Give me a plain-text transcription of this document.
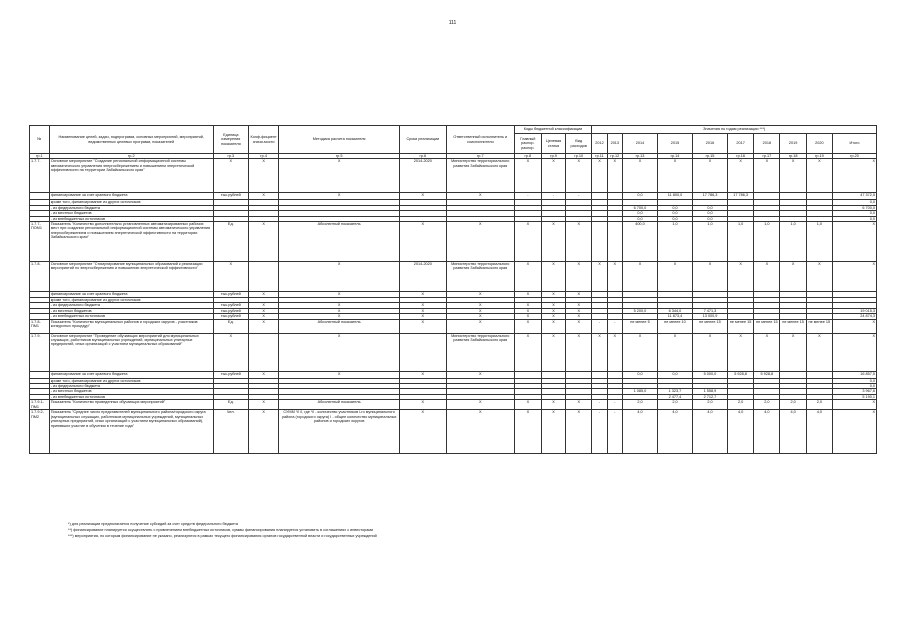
111
№	Наименование целей, задач, подпрограмм, основных мероприятий, мероприятий, ведомственных целевых программ, показателей	Единица измерения показателя	Коэф-фициент значи-мости	Методика расчета показателя	Сроки реализации	Ответственный исполнитель и соисполнители	Коды бюджетной классификации			Значения по годам реализации ***)									
							Главный распор. распор.	Целевая статья	Вид расходов	2012	2013	2014	2015	2016	2017	2018	2019	2020	Итого
гр.1	гр.2	гр.3	гр.4	гр.5	гр.6	гр.7	гр.8	гр.9	гр.10	гр.11	гр.12	гр.13	гр.14	гр.15	гр.16	гр.17	гр.18	гр.19	гр.20
1.7.7.	Основное мероприятие "Создание региональной информационной системы автоматического управления энергосбережением и повышением энергетической эффективности на территории Забайкальского края"	X	X	X	2014-2020	Министерство территориального развития Забайкальского края	X	X	X	X	X	X	X	X	X	X	X	X	X
	финансирование за счет краевого бюджета	тыс.рублей	X	X	X	X	-	-	-			0,0	11 800,0	17 786,3	17 786,3				47 372,5
	кроме того, финансирование из других источников:																		0,0
	- из федерального бюджета											6 700,0	0,0	0,0					6 700,0
	- из местных бюджетов											0,0	0,0	0,0					0,0
	- из внебюджетных источников											0,0	0,0	0,0					0,0
1.7.7-ПОМ1	Показатель "Количество дополнительно установленных автоматизированных рабочих мест при создании региональной информационной системы автоматического управления энергосбережением и повышением энергетической эффективности на территории Забайкальского края"	Ед.	X	Абсолютный показатель	X	X	X	X	X			400,0	1,0	1,0	1,0	1,0	1,0	1,0	X
1.7.8.	Основное мероприятие "Стимулирование муниципальных образований к реализации мероприятий по энергосбережению и повышению энергетической эффективности"	X		X	2014-2020	Министерство территориального развития Забайкальского края	X	X	X	X	X	X	X	X	X	X	X	X	X
	финансирование за счет краевого бюджета	тыс.рублей	X	X	X	X	X	X	X										
	кроме того, финансирование из других источников:																		
	- из федерального бюджета	тыс.рублей	X	X	X	X	X	X	X										
	- из местных бюджетов	тыс.рублей	X	X	X	X	X	X	X			5 200,0	6 344,0	7 471,3					19 015,3
	- из внебюджетных источников	тыс.рублей	X	X	X	X	X	X	X				11 873,4	13 000,9					24 874,3
1.7.8-ПМ1	Показатель "Количество муниципальных районов и городских округов - участников конкурсных процедур"	Ед.	X	Абсолютный показатель	X	X	X	X	X	-	-	не менее 5	не менее 10	не менее 15	не менее 15	не менее 15	не менее 15	не менее 15	X
1.7.9.	Основное мероприятие "Проведение обучающих мероприятий для муниципальных служащих, работников муниципальных учреждений, муниципальных унитарных предприятий, иных организаций с участием муниципальных образований"	X		X		Министерство территориального развития Забайкальского края	X	X	X	X	X	X	X	X	X	X	X	X	X
	финансирование за счет краевого бюджета	тыс.рублей	X	X	X	X						0,0	0,0	5 000,0	5 928,8	5 928,8			16 857,5
	кроме того, финансирование из других источников:																		0,0
	- из федерального бюджета																		0,0
	- из местных бюджетов											1 085,0	1 323,7	1 558,9					3 967,6
	- из внебюджетных источников												2 477,4	2 712,7					5 190,1
1.7.9.1-ПМ1	Показатель "Количество проведенных обучающих мероприятий"	Ед.	X	Абсолютный показатель	X	X	X	X	X	-	-	2,0	2,0	2,0	2,0	2,0	2,0	2,0	X
1.7.9.2-ПМ2	Показатель "Среднее число представителей муниципального района/городского округа (муниципальных служащих, работников муниципальных учреждений, муниципальных унитарных предприятий, иных организаций с участием муниципальных образований), принявших участие в обучении в течение года"	Чел.	X	СУММ Yi /I, где Yi - количество участников i-го муниципального района (городского округа) I - общее количество муниципальных районов и городских округов	X	X	X	X	X	-	-	4,0	4,0	4,0	4,0	4,0	4,0	4,0	X
*) для реализации предполагается получение субсидий за счет средств федерального бюджета
**) финансирование планируется осуществлять с привлечением внебюджетных источников, суммы финансирования планируется установить в соглашениях с инвесторами
***) мероприятия, по которым финансирование не указано, реализуются в рамках текущего финансирования органов государственной власти и государственных учреждений
